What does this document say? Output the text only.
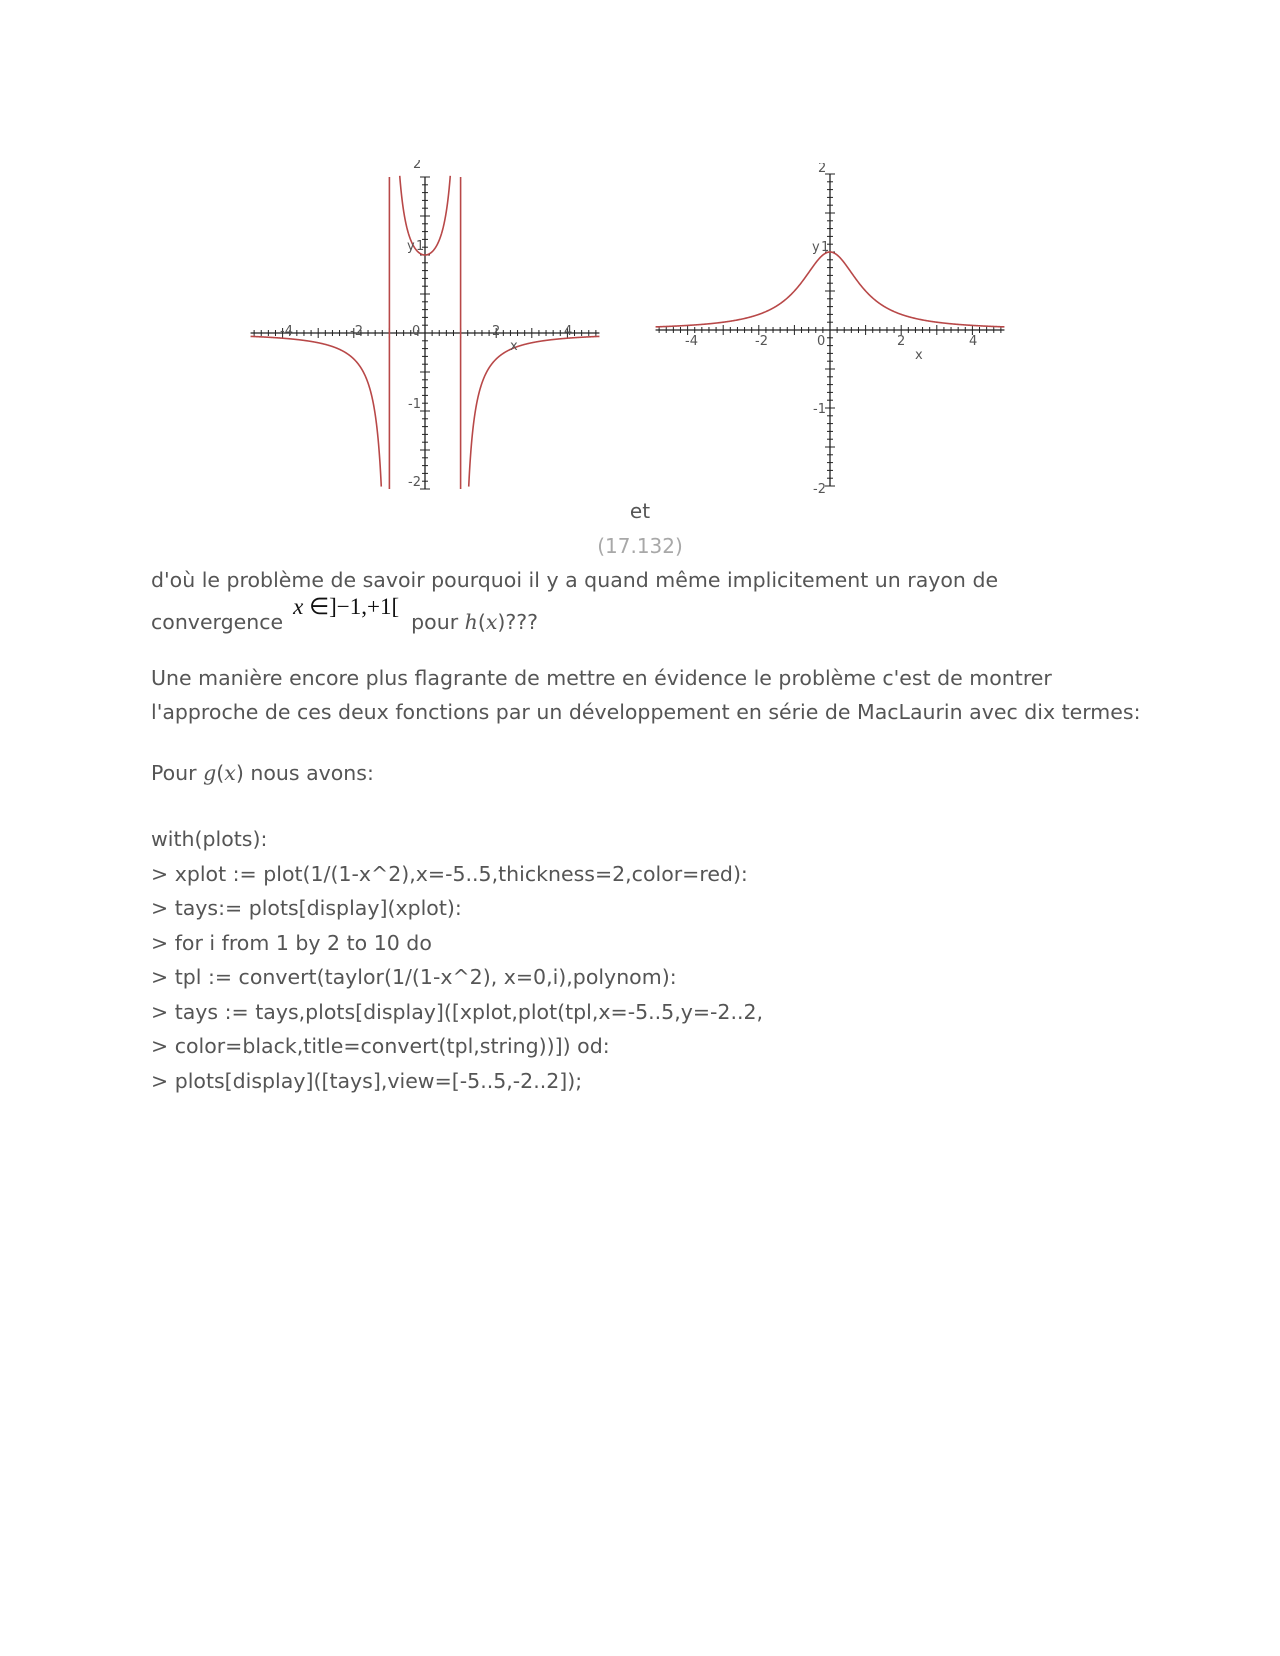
-4	-2	0	2	4
x
2
y 1
-1
-2
-4	-2	0	2	4
x
2
y 1
-1
-2
et
(17.132)

d'où le problème de savoir pourquoi il y a quand même implicitement un rayon de

convergencex ∈]−1,+1[pour h(x)???

Une manière encore plus flagrante de mettre en évidence le problème c'est de montrer

l'approche de ces deux fonctions par un développement en série de MacLaurin avec dix termes:

Pour g(x) nous avons:

with(plots):
> xplot := plot(1/(1-x^2),x=-5..5,thickness=2,color=red):
> tays:= plots[display](xplot):
> for i from 1 by 2 to 10 do
> tpl := convert(taylor(1/(1-x^2), x=0,i),polynom):
> tays := tays,plots[display]([xplot,plot(tpl,x=-5..5,y=-2..2,
> color=black,title=convert(tpl,string))]) od:
> plots[display]([tays],view=[-5..5,-2..2]);
